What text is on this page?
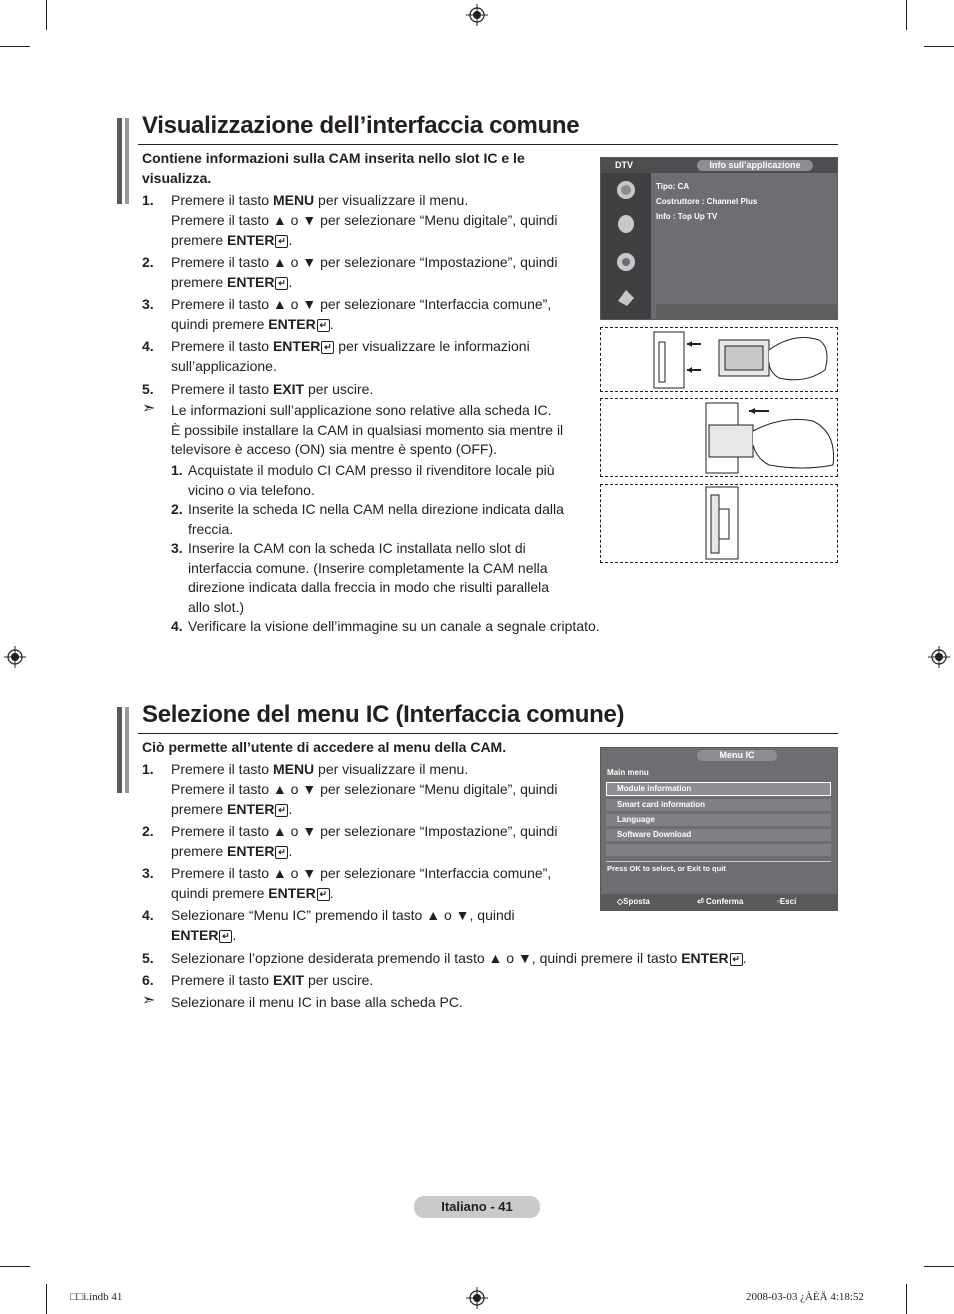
Visualizzazione dell’interfaccia comune
Contiene informazioni sulla CAM inserita nello slot IC e le visualizza.
DTV	Info sull’applicazione
Tipo: CA
Costruttore : Channel Plus
Info : Top Up TV
Selezione del menu IC (Interfaccia comune)
Ciò permette all’utente di accedere al menu della CAM.	Menu IC
Main menu
Module information
Smart card information
Language
Software Download
Press OK to select, or Exit to quit
◇Sposta	⏎ Conferma	▫Esci
Italiano - 41
□□i.indb 41	2008-03-03 ¿ÀÈÄ 4:18:52
1. Premere il tasto MENU per visualizzare il menu.
Premere il tasto ▲ o ▼ per selezionare “Menu digitale”, quindi
premere ENTER ↵ .
2. Premere il tasto ▲ o ▼ per selezionare “Impostazione”, quindi
premere ENTER ↵ .
3. Premere il tasto ▲ o ▼ per selezionare “Interfaccia comune”,
quindi premere ENTER ↵ .
4. Premere il tasto ENTER ↵ per visualizzare le informazioni
sull’applicazione.
5. Premere il tasto EXIT per uscire.
➣ Le informazioni sull’applicazione sono relative alla scheda IC.
È possibile installare la CAM in qualsiasi momento sia mentre il
televisore è acceso (ON) sia mentre è spento (OFF).
1. Acquistate il modulo CI CAM presso il rivenditore locale più
vicino o via telefono.
2. Inserite la scheda IC nella CAM nella direzione indicata dalla
freccia.
3. Inserire la CAM con la scheda IC installata nello slot di
interfaccia comune. (Inserire completamente la CAM nella
direzione indicata dalla freccia in modo che risulti parallela
allo slot.)
4. Verificare la visione dell’immagine su un canale a segnale criptato.
1. Premere il tasto MENU per visualizzare il menu.
Premere il tasto ▲ o ▼ per selezionare “Menu digitale”, quindi
premere ENTER ↵ .
2. Premere il tasto ▲ o ▼ per selezionare “Impostazione”, quindi
premere ENTER ↵ .
3. Premere il tasto ▲ o ▼ per selezionare “Interfaccia comune”,
quindi premere ENTER ↵ .
4. Selezionare “Menu IC” premendo il tasto ▲ o ▼, quindi
ENTER ↵ .
5. Selezionare l’opzione desiderata premendo il tasto ▲ o ▼, quindi premere il tasto ENTER ↵ .
6. Premere il tasto EXIT per uscire.
➣ Selezionare il menu IC in base alla scheda PC.
